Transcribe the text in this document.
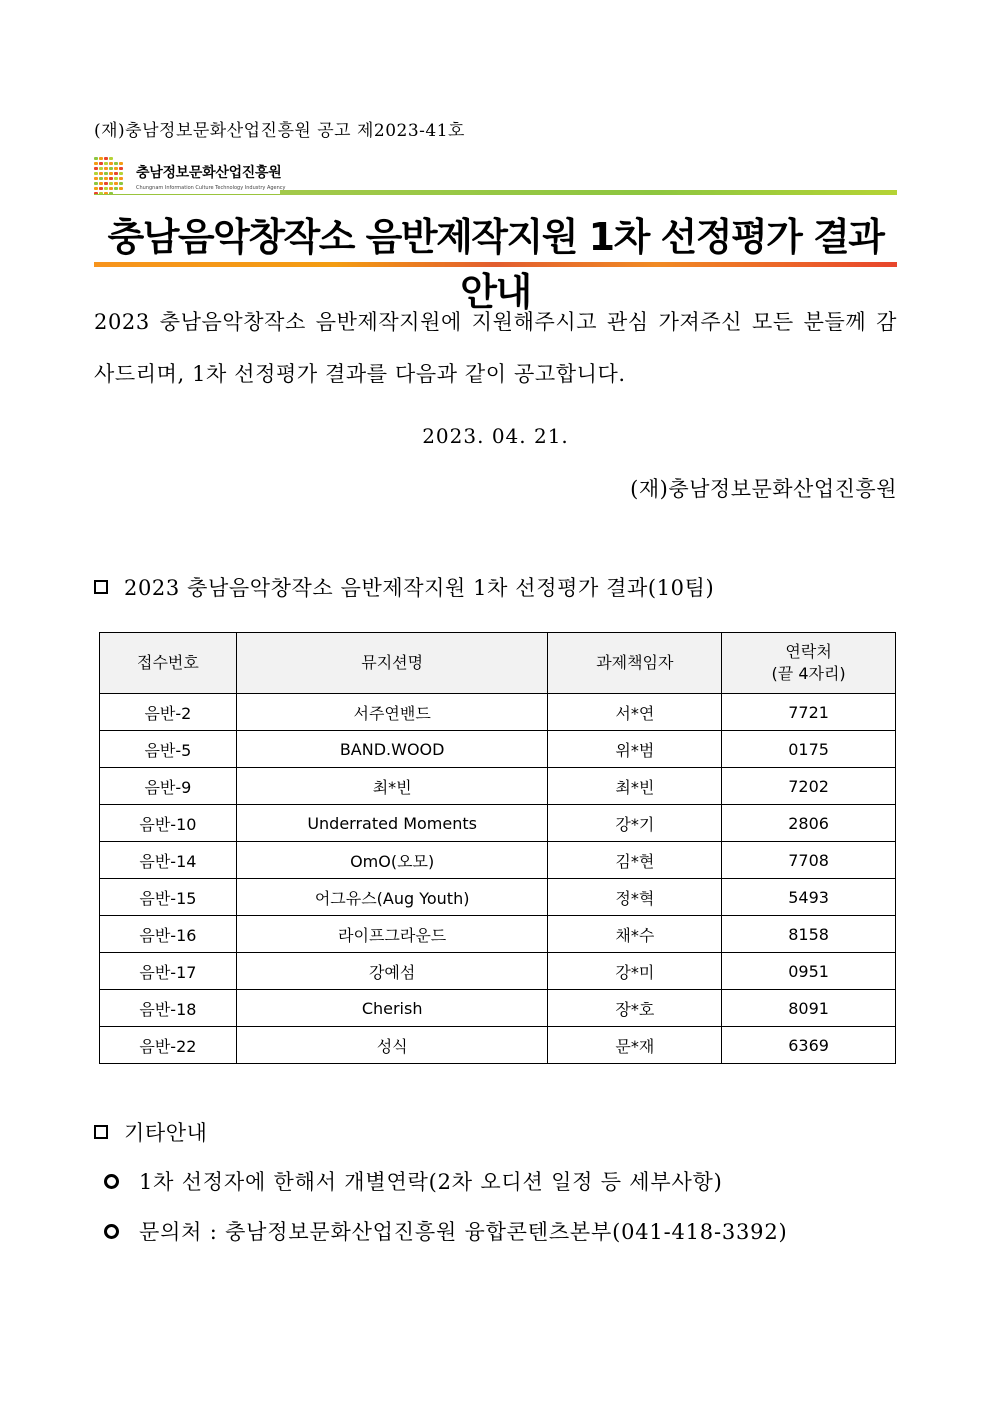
(재)충남정보문화산업진흥원 공고 제2023-41호
충남정보문화산업진흥원
Chungnam Information Culture Technology Industry Agency
충남음악창작소 음반제작지원 1차 선정평가 결과안내
2023 충남음악창작소 음반제작지원에 지원해주시고 관심 가져주신 모든 분들께 감사드리며, 1차 선정평가 결과를 다음과 같이 공고합니다.
2023. 04. 21.
(재)충남정보문화산업진흥원
2023 충남음악창작소 음반제작지원 1차 선정평가 결과(10팀)
접수번호	뮤지션명	과제책임자	연락처
(끝 4자리)
음반-2	서주연밴드	서*연	7721
음반-5	BAND.WOOD	위*범	0175
음반-9	최*빈	최*빈	7202
음반-10	Underrated Moments	강*기	2806
음반-14	OmO(오모)	김*현	7708
음반-15	어그유스(Aug Youth)	정*혁	5493
음반-16	라이프그라운드	채*수	8158
음반-17	강예섬	강*미	0951
음반-18	Cherish	장*호	8091
음반-22	성식	문*재	6369
기타안내
1차 선정자에 한해서 개별연락(2차 오디션 일정 등 세부사항)
문의처 : 충남정보문화산업진흥원 융합콘텐츠본부(041-418-3392)
